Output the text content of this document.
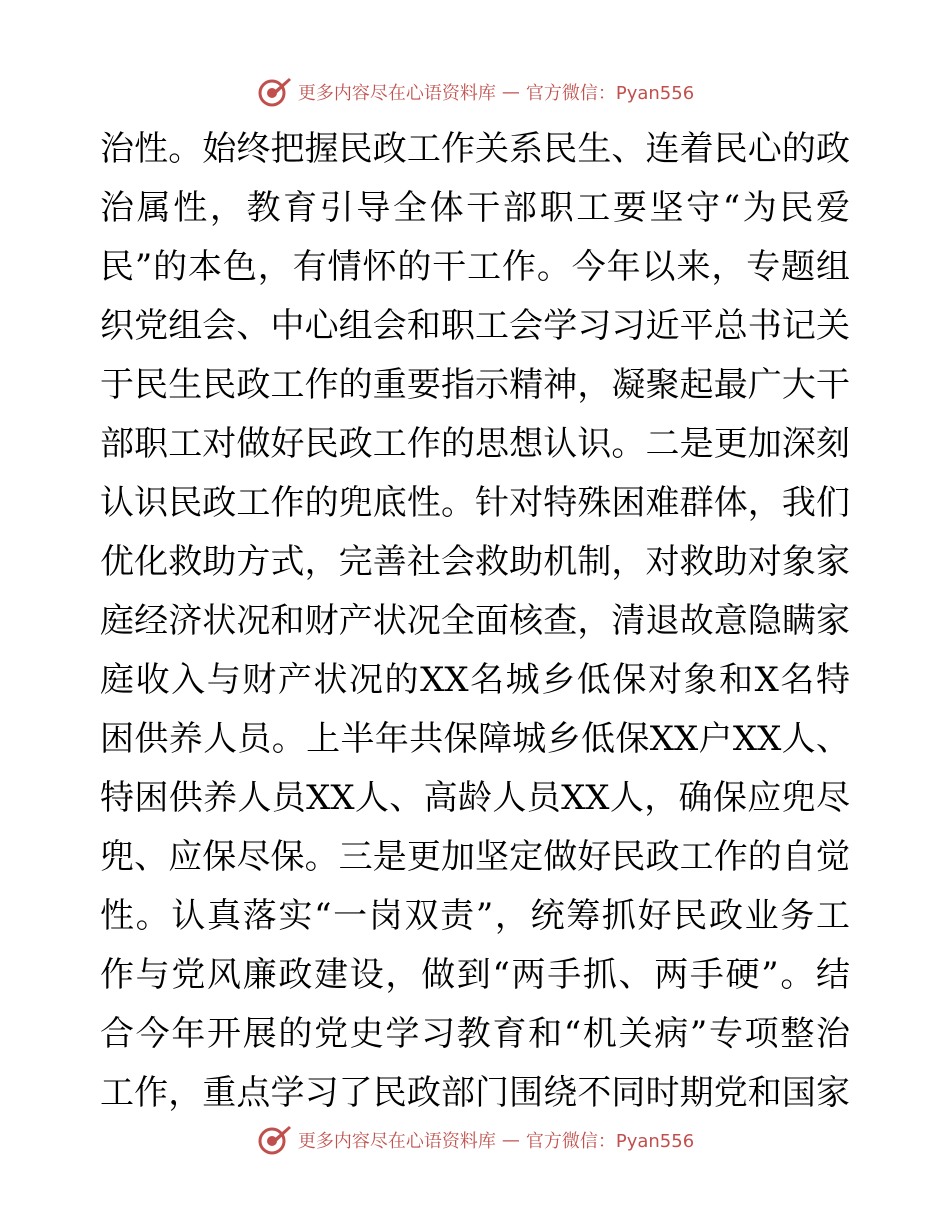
更多内容尽在心语资料库 — 官方微信：Pyan556
治性。始终把握民政工作关系民生、连着民心的政
治属性，教育引导全体干部职工要坚守“为民爱
民”的本色，有情怀的干工作。今年以来，专题组
织党组会、中心组会和职工会学习习近平总书记关
于民生民政工作的重要指示精神，凝聚起最广大干
部职工对做好民政工作的思想认识。二是更加深刻
认识民政工作的兜底性。针对特殊困难群体，我们
优化救助方式，完善社会救助机制，对救助对象家
庭经济状况和财产状况全面核查，清退故意隐瞒家
庭收入与财产状况的XX名城乡低保对象和X名特
困供养人员。上半年共保障城乡低保XX户XX人、
特困供养人员XX人、高龄人员XX人，确保应兜尽
兜、应保尽保。三是更加坚定做好民政工作的自觉
性。认真落实“一岗双责”，统筹抓好民政业务工
作与党风廉政建设，做到“两手抓、两手硬”。结
合今年开展的党史学习教育和“机关病”专项整治
工作，重点学习了民政部门围绕不同时期党和国家
更多内容尽在心语资料库 — 官方微信：Pyan556
